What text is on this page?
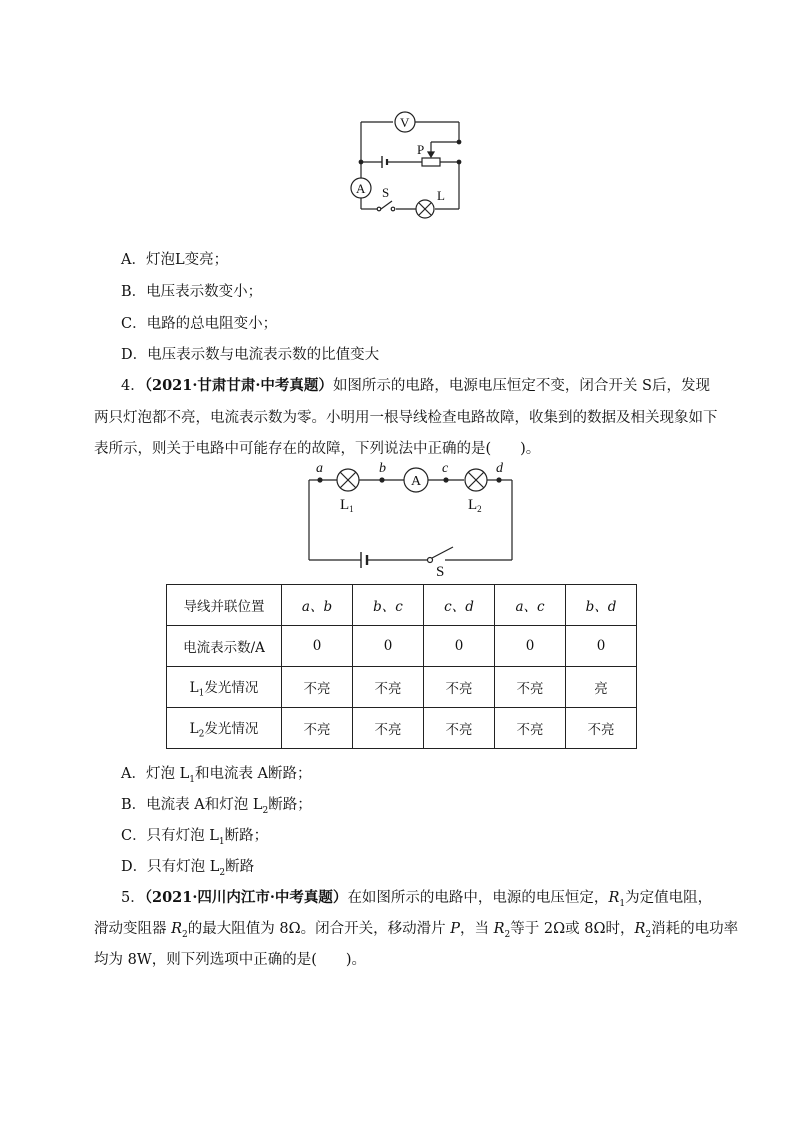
V
A
P
S	L
A．灯泡L变亮；
B．电压表示数变小；
C．电路的总电阻变小；
D．电压表示数与电流表示数的比值变大
4．（2021·甘肃甘肃·中考真题）如图所示的电路，电源电压恒定不变，闭合开关 S后，发现
两只灯泡都不亮，电流表示数为零。小明用一根导线检查电路故障，收集到的数据及相关现象如下
表所示，则关于电路中可能存在的故障，下列说法中正确的是(　　)。
a	b	c	d
A
$L_1$	$L_2$
S
导线并联位置	a、b	b、c	c、d	a、c	b、d
电流表示数/A	0	0	0	0	0
$L_1$发光情况	不亮	不亮	不亮	不亮	亮
$L_2$发光情况	不亮	不亮	不亮	不亮	不亮
A．灯泡 $L_1$和电流表 A断路；
B．电流表 A和灯泡 $L_2$断路；
C．只有灯泡 $L_1$断路；
D．只有灯泡 $L_2$断路
5．（2021·四川内江市·中考真题）在如图所示的电路中，电源的电压恒定，$R_1$为定值电阻，
滑动变阻器 $R_2$的最大阻值为 8Ω。闭合开关，移动滑片 P，当 $R_2$等于 2Ω或 8Ω时，$R_2$消耗的电功率
均为 8W，则下列选项中正确的是(　　)。
